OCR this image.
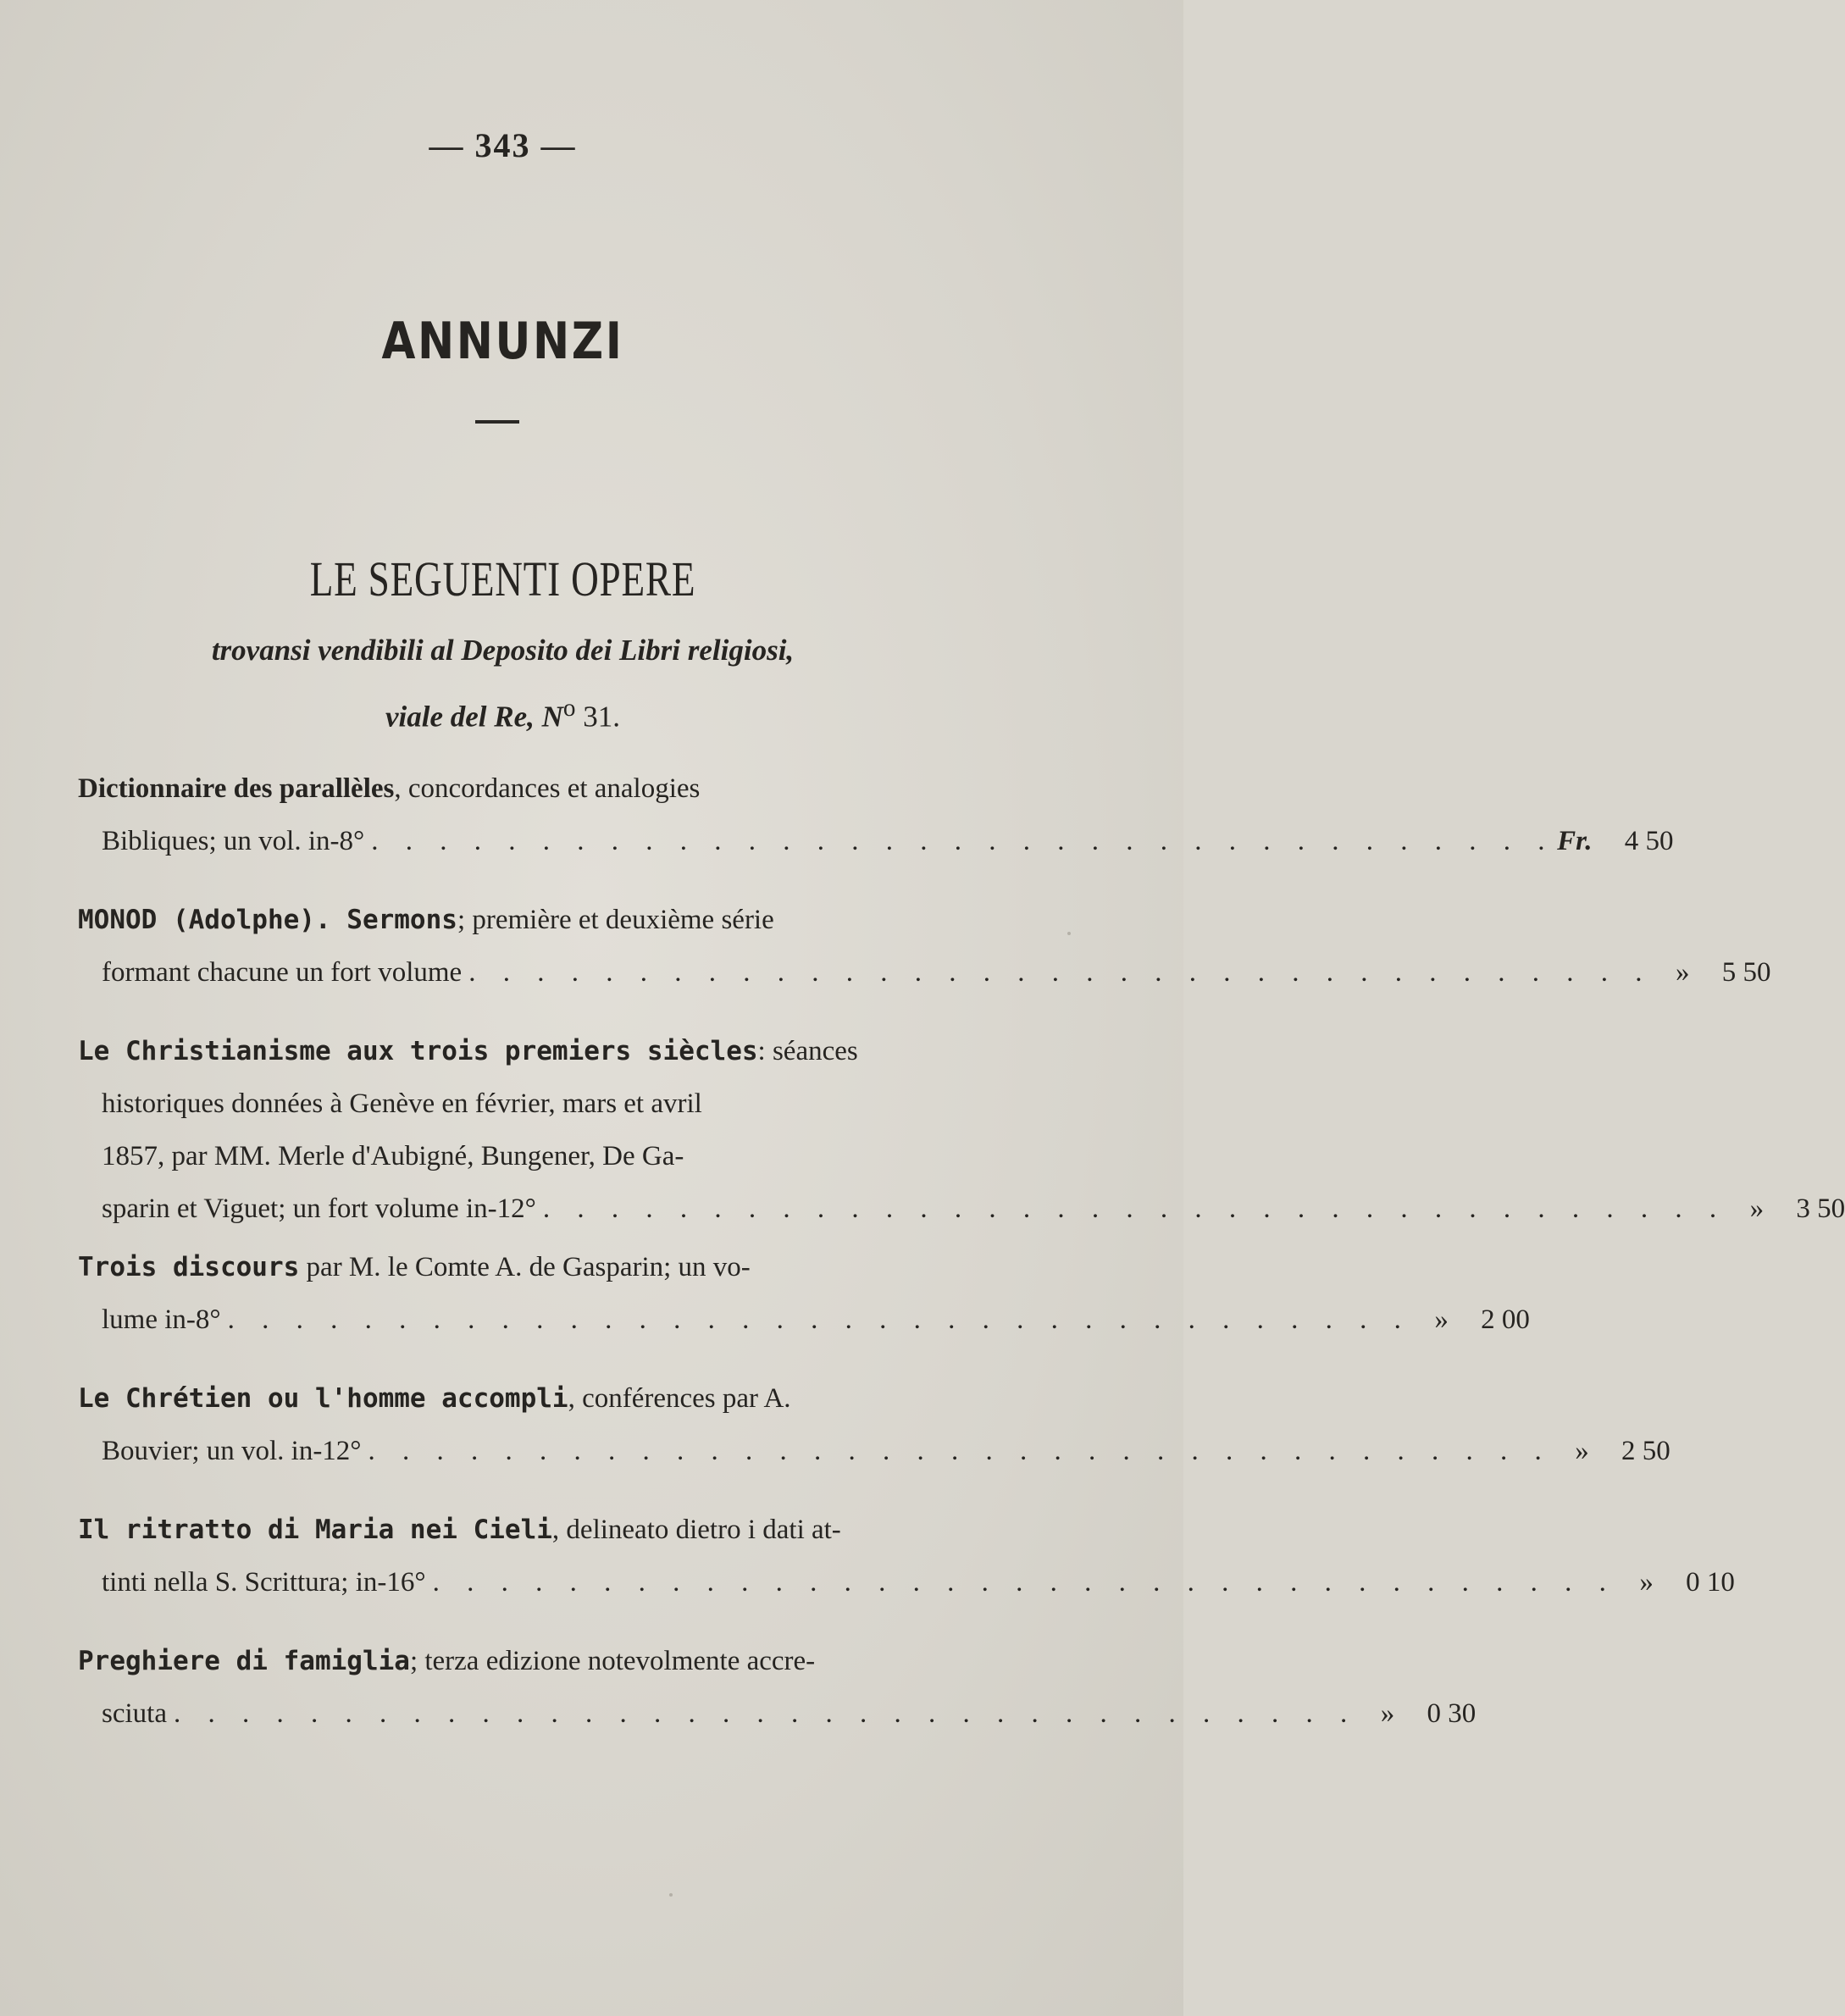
— 343 —
ANNUNZI
LE SEGUENTI OPERE
trovansi vendibili al Deposito dei Libri religiosi,
viale del Re, $N^o$ 31.
Dictionnaire des parallèles, concordances et analogies
Bibliques; un vol. in-8° . . . . . . . . . . . . . . . . . . . . . . . . . . . . . . . . . . . Fr.	4 50
MONOD (Adolphe). Sermons; première et deuxième série
formant chacune un fort volume . . . . . . . . . . . . . . . . . . . . . . . . . . . . . . . . . . . »	5 50
Le Christianisme aux trois premiers siècles: séances
historiques données à Genève en février, mars et avril
1857, par MM. Merle d'Aubigné, Bungener, De Ga-
sparin et Viguet; un fort volume in-12° . . . . . . . . . . . . . . . . . . . . . . . . . . . . . . . . . . . »	3 50
Trois discours par M. le Comte A. de Gasparin; un vo-
lume in-8° . . . . . . . . . . . . . . . . . . . . . . . . . . . . . . . . . . . »	2 00
Le Chrétien ou l'homme accompli, conférences par A.
Bouvier; un vol. in-12° . . . . . . . . . . . . . . . . . . . . . . . . . . . . . . . . . . . »	2 50
Il ritratto di Maria nei Cieli, delineato dietro i dati at-
tinti nella S. Scrittura; in-16° . . . . . . . . . . . . . . . . . . . . . . . . . . . . . . . . . . . »	0 10
Preghiere di famiglia; terza edizione notevolmente accre-
sciuta . . . . . . . . . . . . . . . . . . . . . . . . . . . . . . . . . . . »	0 30
